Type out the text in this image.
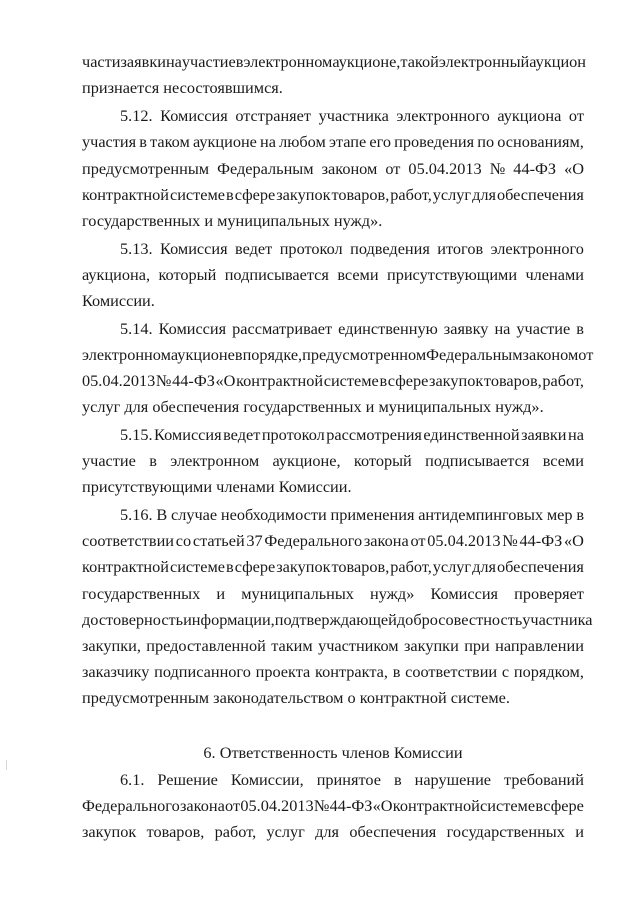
части заявки на участие в электронном аукционе, такой электронный аукцион
признается несостоявшимся.
5.12. Комиссия отстраняет участника электронного аукциона от
участия в таком аукционе на любом этапе его проведения по основаниям,
предусмотренным Федеральным законом от 05.04.2013 № 44-ФЗ «О
контрактной системе в сфере закупок товаров, работ, услуг для обеспечения
государственных и муниципальных нужд».
5.13. Комиссия ведет протокол подведения итогов электронного
аукциона, который подписывается всеми присутствующими членами
Комиссии.
5.14. Комиссия рассматривает единственную заявку на участие в
электронном аукционе в порядке, предусмотренном Федеральным законом от
05.04.2013 № 44-ФЗ «О контрактной системе в сфере закупок товаров, работ,
услуг для обеспечения государственных и муниципальных нужд».
5.15. Комиссия ведет протокол рассмотрения единственной заявки на
участие в электронном аукционе, который подписывается всеми
присутствующими членами Комиссии.
5.16. В случае необходимости применения антидемпинговых мер в
соответствии со статьей 37 Федерального закона от 05.04.2013 № 44-ФЗ «О
контрактной системе в сфере закупок товаров, работ, услуг для обеспечения
государственных и муниципальных нужд» Комиссия проверяет
достоверность информации, подтверждающей добросовестность участника
закупки, предоставленной таким участником закупки при направлении
заказчику подписанного проекта контракта, в соответствии с порядком,
предусмотренным законодательством о контрактной системе.
6. Ответственность членов Комиссии
6.1. Решение Комиссии, принятое в нарушение требований
Федерального закона от 05.04.2013 № 44-ФЗ «О контрактной системе в сфере
закупок товаров, работ, услуг для обеспечения государственных и
